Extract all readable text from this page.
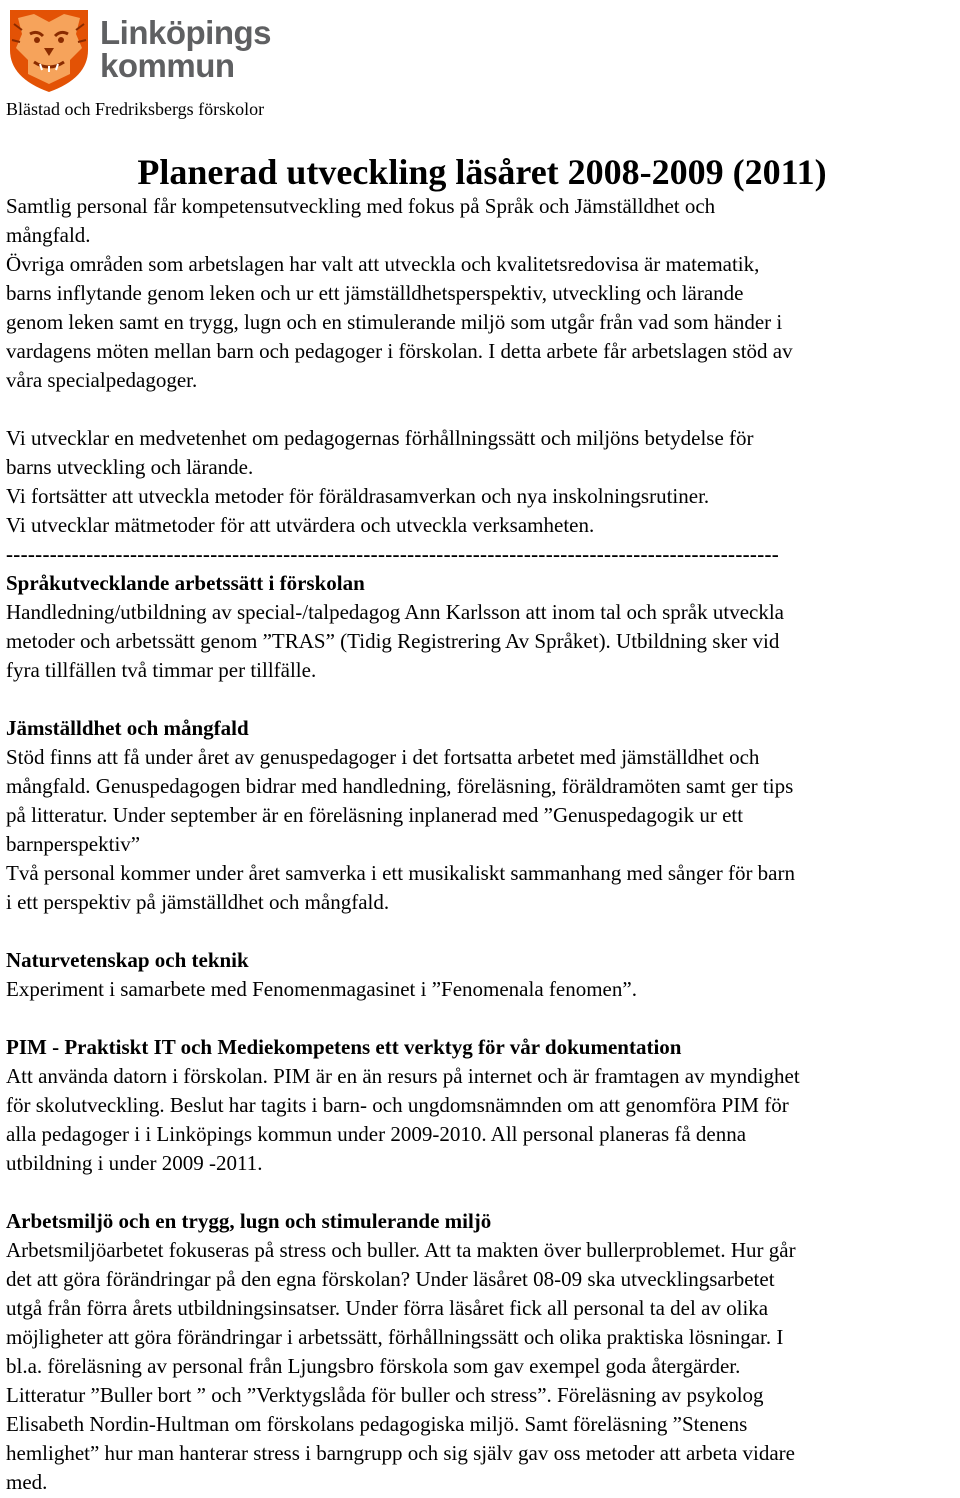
Linköpings
kommun
Blästad och Fredriksbergs förskolor
Planerad utveckling läsåret 2008-2009 (2011)

Samtlig personal får kompetensutveckling med fokus på Språk och Jämställdhet och

mångfald.

Övriga områden som arbetslagen har valt att utveckla och kvalitetsredovisa är matematik,

barns inflytande genom leken och ur ett jämställdhetsperspektiv, utveckling och lärande

genom leken samt en trygg, lugn och en stimulerande miljö som utgår från vad som händer i

vardagens möten mellan barn och pedagoger i förskolan. I detta arbete får arbetslagen stöd av

våra specialpedagoger.

Vi utvecklar en medvetenhet om pedagogernas förhållningssätt och miljöns betydelse för

barns utveckling och lärande.

Vi fortsätter att utveckla metoder för föräldrasamverkan och nya inskolningsrutiner.

Vi utvecklar mätmetoder för att utvärdera och utveckla verksamheten.

----------------------------------------------------------------------------------------------------------

Språkutvecklande arbetssätt i förskolan

Handledning/utbildning av special-/talpedagog Ann Karlsson att inom tal och språk utveckla

metoder och arbetssätt genom ”TRAS” (Tidig Registrering Av Språket). Utbildning sker vid

fyra tillfällen två timmar per tillfälle.

Jämställdhet och mångfald

Stöd finns att få under året av genuspedagoger i det fortsatta arbetet med jämställdhet och

mångfald. Genuspedagogen bidrar med handledning, föreläsning, föräldramöten samt ger tips

på litteratur. Under september är en föreläsning inplanerad med ”Genuspedagogik ur ett

barnperspektiv”

Två personal kommer under året samverka i ett musikaliskt sammanhang med sånger för barn

i ett perspektiv på jämställdhet och mångfald.

Naturvetenskap och teknik

Experiment i samarbete med Fenomenmagasinet i ”Fenomenala fenomen”.

PIM - Praktiskt IT och Mediekompetens ett verktyg för vår dokumentation

Att använda datorn i förskolan. PIM är en än resurs på internet och är framtagen av myndighet

för skolutveckling. Beslut har tagits i barn- och ungdomsnämnden om att genomföra PIM för

alla pedagoger i i Linköpings kommun under 2009-2010. All personal planeras få denna

utbildning i under 2009 -2011.

Arbetsmiljö och en trygg, lugn och stimulerande miljö

Arbetsmiljöarbetet fokuseras på stress och buller. Att ta makten över bullerproblemet. Hur går

det att göra förändringar på den egna förskolan? Under läsåret 08-09 ska utvecklingsarbetet

utgå från förra årets utbildningsinsatser. Under förra läsåret fick all personal ta del av olika

möjligheter att göra förändringar i arbetssätt, förhållningssätt och olika praktiska lösningar. I

bl.a. föreläsning av personal från Ljungsbro förskola som gav exempel goda återgärder.

Litteratur ”Buller bort ” och ”Verktygslåda för buller och stress”. Föreläsning av psykolog

Elisabeth Nordin-Hultman om förskolans pedagogiska miljö. Samt föreläsning ”Stenens

hemlighet” hur man hanterar stress i barngrupp och sig själv gav oss metoder att arbeta vidare

med.
